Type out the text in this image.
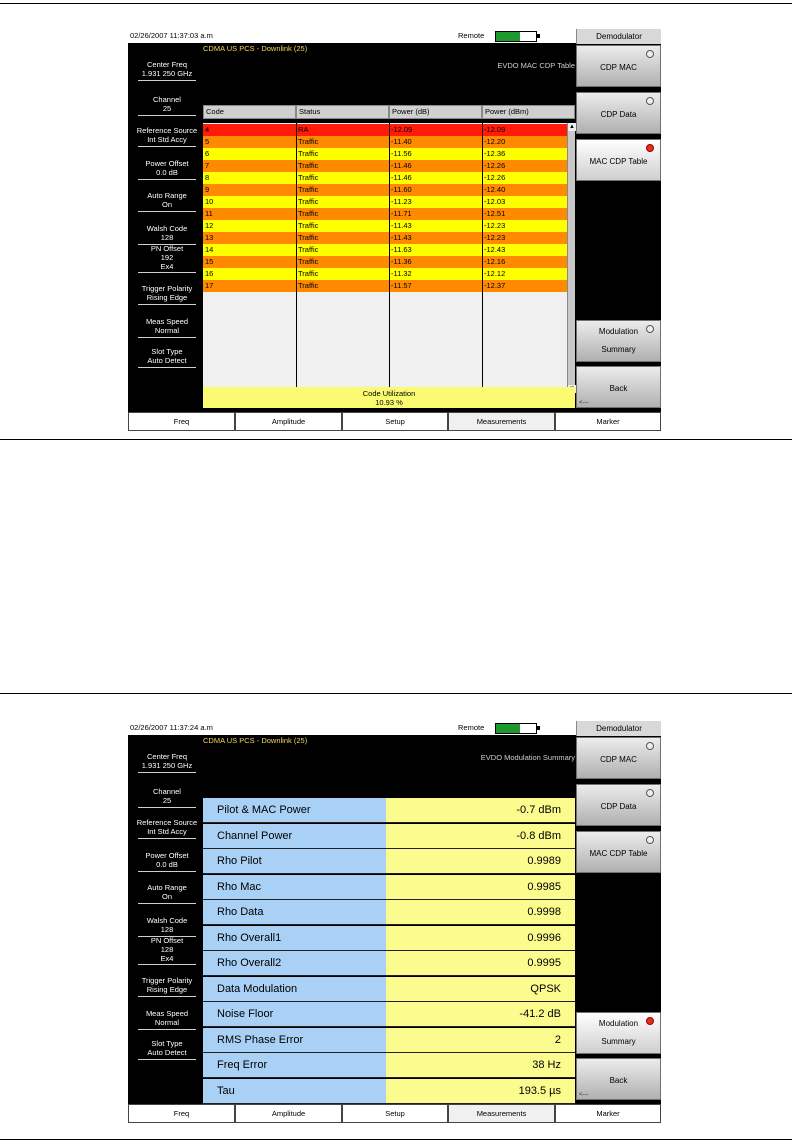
02/26/2007 11:37:03 a.m	Remote
CDMA US PCS - Downlink (25)
EVDO MAC CDP Table
Center Freq
1.931 250 GHz
Channel
25
Reference Source
Int Std Accy
Power Offset
0.0 dB
Auto Range
On
Walsh Code
128
PN Offset
192
Ex4
Trigger Polarity
Rising Edge
Meas Speed
Normal
Slot Type
Auto Detect
Demodulator
CDP MAC
CDP Data
MAC CDP Table
Modulation
Summary
Back
<---
Code	Status	Power (dB)	Power (dBm)
4	RA	-12.09	-12.09
5	Traffic	-11.40	-12.20
6	Traffic	-11.56	-12.36
7	Traffic	-11.46	-12.26
8	Traffic	-11.46	-12.26
9	Traffic	-11.60	-12.40
10	Traffic	-11.23	-12.03
11	Traffic	-11.71	-12.51
12	Traffic	-11.43	-12.23
13	Traffic	-11.43	-12.23
14	Traffic	-11.63	-12.43
15	Traffic	-11.36	-12.16
16	Traffic	-11.32	-12.12
17	Traffic	-11.57	-12.37
▲
Code Utilization
10.93 %
Freq	Amplitude	Setup	Measurements	Marker
02/26/2007 11:37:24 a.m	Remote
CDMA US PCS - Downlink (25)
EVDO Modulation Summary
Center Freq
1.931 250 GHz
Channel
25
Reference Source
Int Std Accy
Power Offset
0.0 dB
Auto Range
On
Walsh Code
128
PN Offset
128
Ex4
Trigger Polarity
Rising Edge
Meas Speed
Normal
Slot Type
Auto Detect
Demodulator
CDP MAC
CDP Data
MAC CDP Table
Modulation
Summary
Back
<---
Pilot & MAC Power	-0.7 dBm
Channel Power	-0.8 dBm
Rho Pilot	0.9989
Rho Mac	0.9985
Rho Data	0.9998
Rho Overall1	0.9996
Rho Overall2	0.9995
Data Modulation	QPSK
Noise Floor	-41.2 dB
RMS Phase Error	2
Freq Error	38 Hz
Tau	193.5 µs
Freq	Amplitude	Setup	Measurements	Marker
